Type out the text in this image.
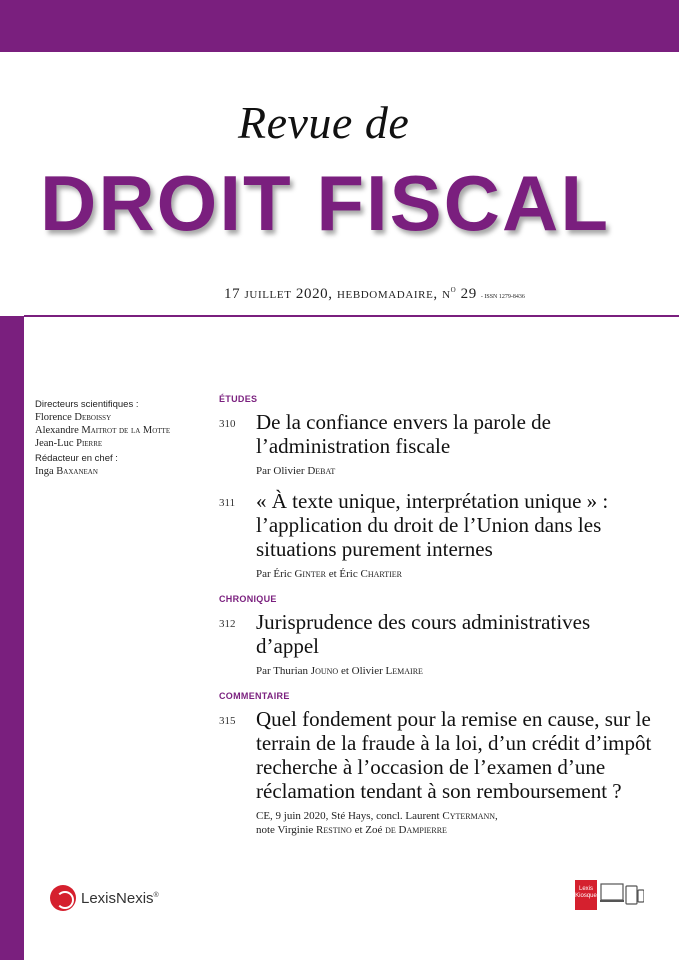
Revue de
DROIT FISCAL
17 juillet 2020, hebdomadaire, $n^o$ 29 - ISSN 1279-8436
Directeurs scientifiques :
Florence Deboissy
Alexandre Maitrot de la Motte
Jean-Luc Pierre
Rédacteur en chef :
Inga Baxanean
ÉTUDES
310 De la confiance envers la parole de l’administration fiscale
Par Olivier Debat
311 « À texte unique, interprétation unique » : l’application du droit de l’Union dans les situations purement internes
Par Éric Ginter et Éric Chartier
CHRONIQUE
312 Jurisprudence des cours administratives d’appel
Par Thurian Jouno et Olivier Lemaire
COMMENTAIRE
315 Quel fondement pour la remise en cause, sur le terrain de la fraude à la loi, d’un crédit d’impôt recherche à l’occasion de l’examen d’une réclamation tendant à son remboursement ?
CE, 9 juin 2020, Sté Hays, concl. Laurent Cytermann,
note Virginie Restino et Zoé de Dampierre
LexisNexis®
Lexis
Kiosque
